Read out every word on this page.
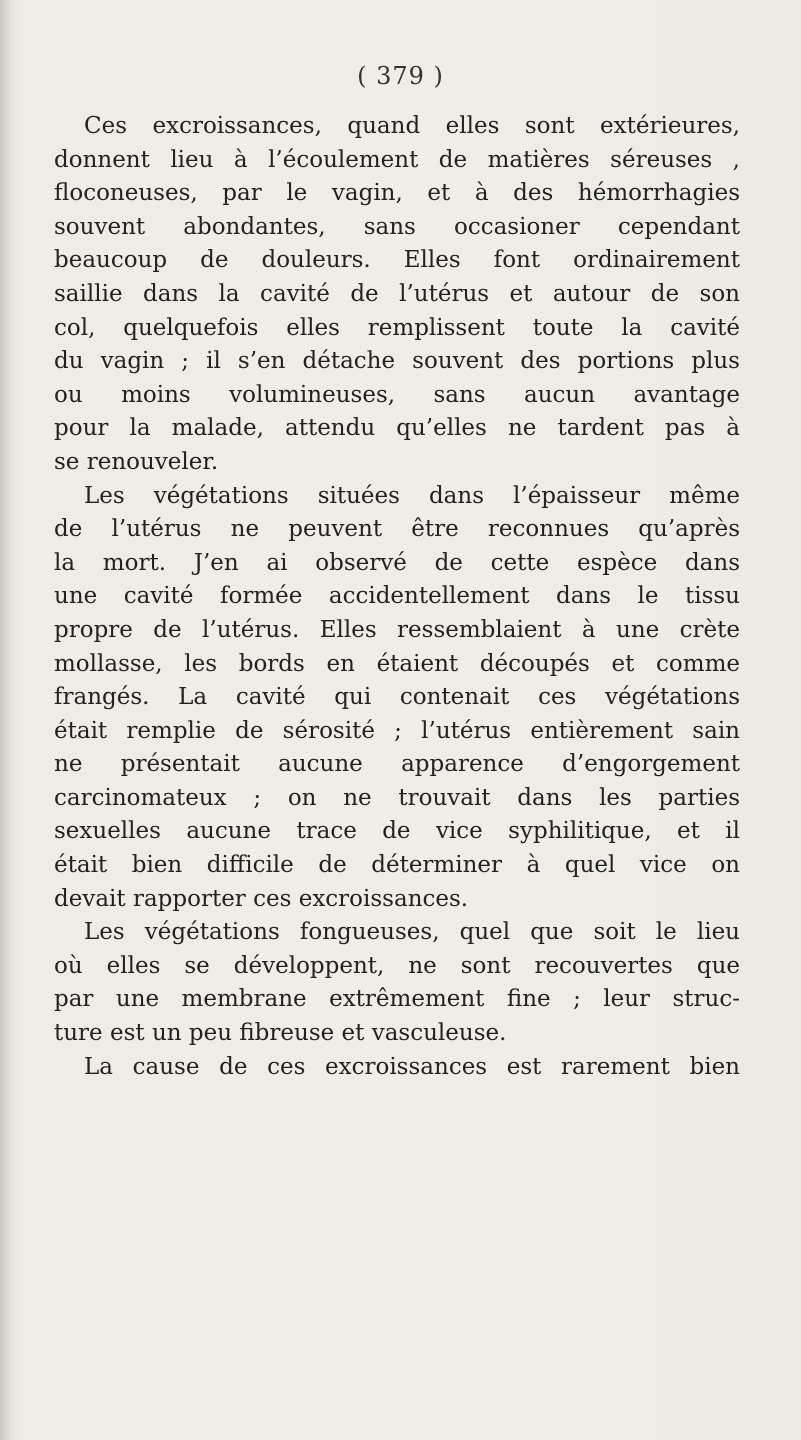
( 379 )
Ces excroissances, quand elles sont extérieures,
donnent lieu à l’écoulement de matières séreuses ,
floconeuses, par le vagin, et à des hémorrhagies
souvent abondantes, sans occasioner cependant
beaucoup de douleurs. Elles font ordinairement
saillie dans la cavité de l’utérus et autour de son
col, quelquefois elles remplissent toute la cavité
du vagin ; il s’en détache souvent des portions plus
ou moins volumineuses, sans aucun avantage
pour la malade, attendu qu’elles ne tardent pas à
se renouveler.
Les végétations situées dans l’épaisseur même
de l’utérus ne peuvent être reconnues qu’après
la mort. J’en ai observé de cette espèce dans
une cavité formée accidentellement dans le tissu
propre de l’utérus. Elles ressemblaient à une crète
mollasse, les bords en étaient découpés et comme
frangés. La cavité qui contenait ces végétations
était remplie de sérosité ; l’utérus entièrement sain
ne présentait aucune apparence d’engorgement
carcinomateux ; on ne trouvait dans les parties
sexuelles aucune trace de vice syphilitique, et il
était bien difficile de déterminer à quel vice on
devait rapporter ces excroissances.
Les végétations fongueuses, quel que soit le lieu
où elles se développent, ne sont recouvertes que
par une membrane extrêmement fine ; leur struc-
ture est un peu fibreuse et vasculeuse.
La cause de ces excroissances est rarement bien
